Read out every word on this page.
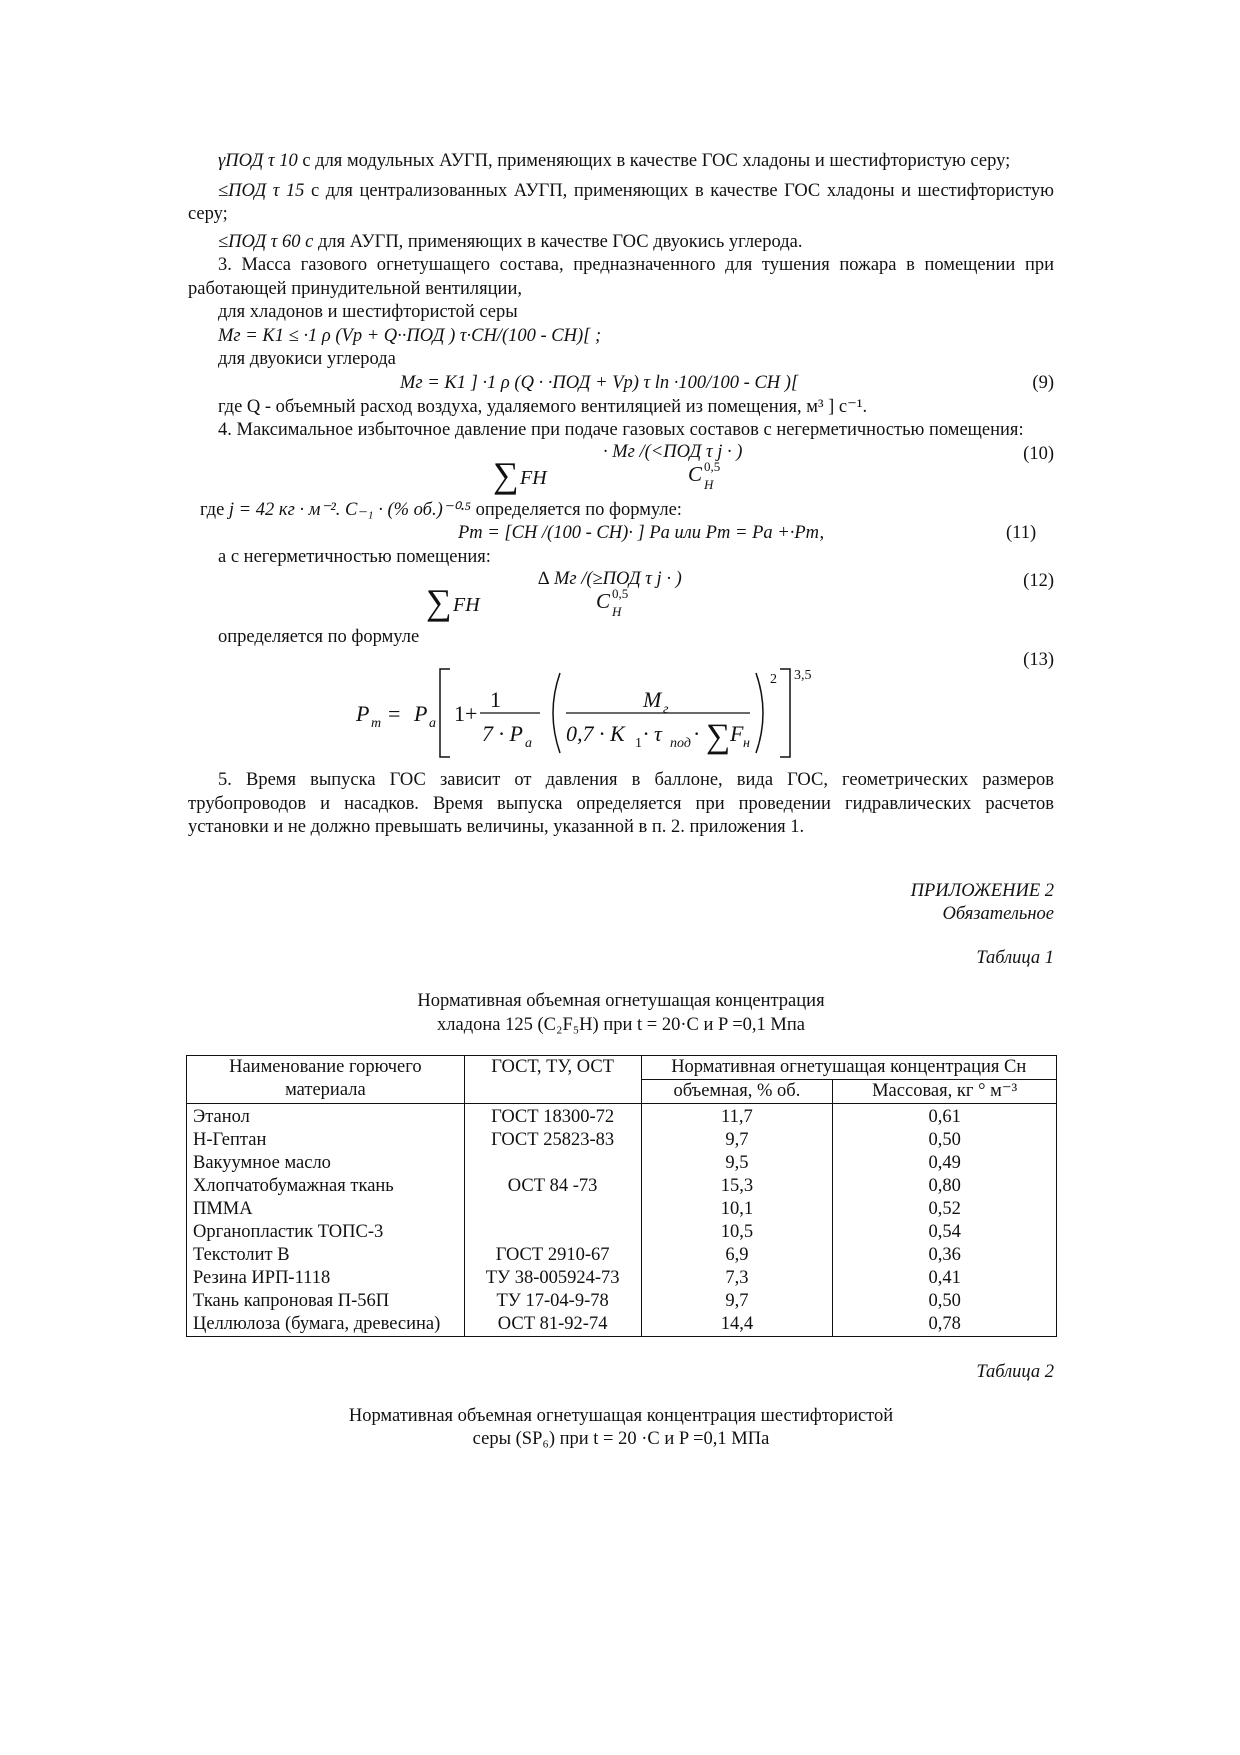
γПОД τ 10 с для модульных АУГП, применяющих в качестве ГОС хладоны и шестифтористую серу;

≤ПОД τ 15 с для централизованных АУГП, применяющих в качестве ГОС хладоны и шестифтористую серу;

≤ПОД τ 60 с для АУГП, применяющих в качестве ГОС двуокись углерода.

3. Масса газового огнетушащего состава, предназначенного для тушения пожара в помещении при работающей принудительной вентиляции,

для хладонов и шестифтористой серы

Мг = K1 ≤ ·1 ρ (Vp + Q··ПОД ) τ·СН/(100 - СН)[ ;

для двуокиси углерода

Мг = K1 ] ·1 ρ (Q · ·ПОД + Vp) τ ln ·100/100 - СН )[	(9)

где Q - объемный расход воздуха, удаляемого вентиляцией из помещения, м³ ] с⁻¹.

4. Максимальное избыточное давление при подаче газовых составов с негерметичностью помещения:

· Мг /(<ПОД τ j · )
∑ FН	С 0,5
Н
(10)

где j = 42 кг · м⁻². С₋₁ · (% об.)⁻⁰·⁵ определяется по формуле:

Pт = [CН /(100 - CН)· ] Pa или Pт = Pa +·Pт,	(11)

а с негерметичностью помещения:

∆ Мг /(≥ПОД τ j · )
∑ FН	С 0,5
Н
(12)

определяется по формуле

(13)
P т = P а 1+
1
7 · P а
M г
0,7 · K 1 · τ под · ∑ F н
2 3,5

5. Время выпуска ГОС зависит от давления в баллоне, вида ГОС, геометрических размеров трубопроводов и насадков. Время выпуска определяется при проведении гидравлических расчетов установки и не должно превышать величины, указанной в п. 2. приложения 1.

ПРИЛОЖЕНИЕ 2
Обязательное
Таблица 1
Нормативная объемная огнетушащая концентрация
хладона 125 (C₂F₅H) при t = 20·С и P =0,1 Мпа
Наименование горючего материала	ГОСТ, ТУ, ОСТ	Нормативная огнетушащая концентрация Сн	
		объемная, % об.	Массовая, кг ° м⁻³
Этанол	ГОСТ 18300-72	11,7	0,61
Н-Гептан	ГОСТ 25823-83	9,7	0,50
Вакуумное масло		9,5	0,49
Хлопчатобумажная ткань	ОСТ 84 -73	15,3	0,80
ПММА		10,1	0,52
Органопластик ТОПС-3		10,5	0,54
Текстолит В	ГОСТ 2910-67	6,9	0,36
Резина ИРП-1118	ТУ 38-005924-73	7,3	0,41
Ткань капроновая П-56П	ТУ 17-04-9-78	9,7	0,50
Целлюлоза (бумага, древесина)	ОСТ 81-92-74	14,4	0,78
Таблица 2
Нормативная объемная огнетушащая концентрация шестифтористой
серы (SP₆) при t = 20 ·С и P =0,1 МПа
